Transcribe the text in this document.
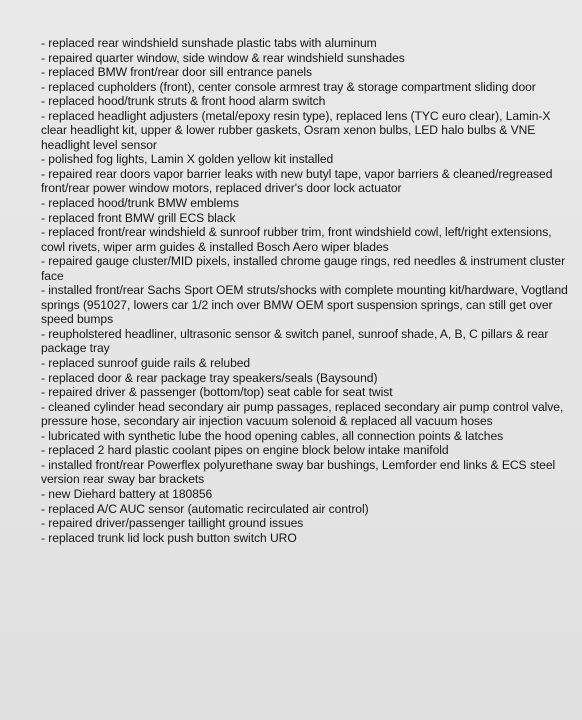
- replaced rear windshield sunshade plastic tabs with aluminum
- repaired quarter window, side window & rear windshield sunshades
- replaced BMW front/rear door sill entrance panels
- replaced cupholders (front), center console armrest tray & storage compartment sliding door
- replaced hood/trunk struts & front hood alarm switch
- replaced headlight adjusters (metal/epoxy resin type), replaced lens (TYC euro clear), Lamin-X clear headlight kit, upper & lower rubber gaskets, Osram xenon bulbs, LED halo bulbs & VNE headlight level sensor
- polished fog lights, Lamin X golden yellow kit installed
- repaired rear doors vapor barrier leaks with new butyl tape, vapor barriers & cleaned/regreased front/rear power window motors, replaced driver's door lock actuator
- replaced hood/trunk BMW emblems
- replaced front BMW grill ECS black
- replaced front/rear windshield & sunroof rubber trim, front windshield cowl, left/right extensions, cowl rivets, wiper arm guides & installed Bosch Aero wiper blades
- repaired gauge cluster/MID pixels, installed chrome gauge rings, red needles & instrument cluster face
- installed front/rear Sachs Sport OEM struts/shocks with complete mounting kit/hardware, Vogtland springs (951027, lowers car 1/2 inch over BMW OEM sport suspension springs, can still get over speed bumps
- reupholstered headliner, ultrasonic sensor & switch panel, sunroof shade, A, B, C pillars & rear package tray
- replaced sunroof guide rails & relubed
- replaced door & rear package tray speakers/seals (Baysound)
- repaired driver & passenger (bottom/top) seat cable for seat twist
- cleaned cylinder head secondary air pump passages, replaced secondary air pump control valve, pressure hose, secondary air injection vacuum solenoid & replaced all vacuum hoses
- lubricated with synthetic lube the hood opening cables, all connection points & latches
- replaced 2 hard plastic coolant pipes on engine block below intake manifold
- installed front/rear Powerflex polyurethane sway bar bushings, Lemforder end links & ECS steel version rear sway bar brackets
- new Diehard battery at 180856
- replaced A/C AUC sensor (automatic recirculated air control)
- repaired driver/passenger taillight ground issues
- replaced trunk lid lock push button switch URO
